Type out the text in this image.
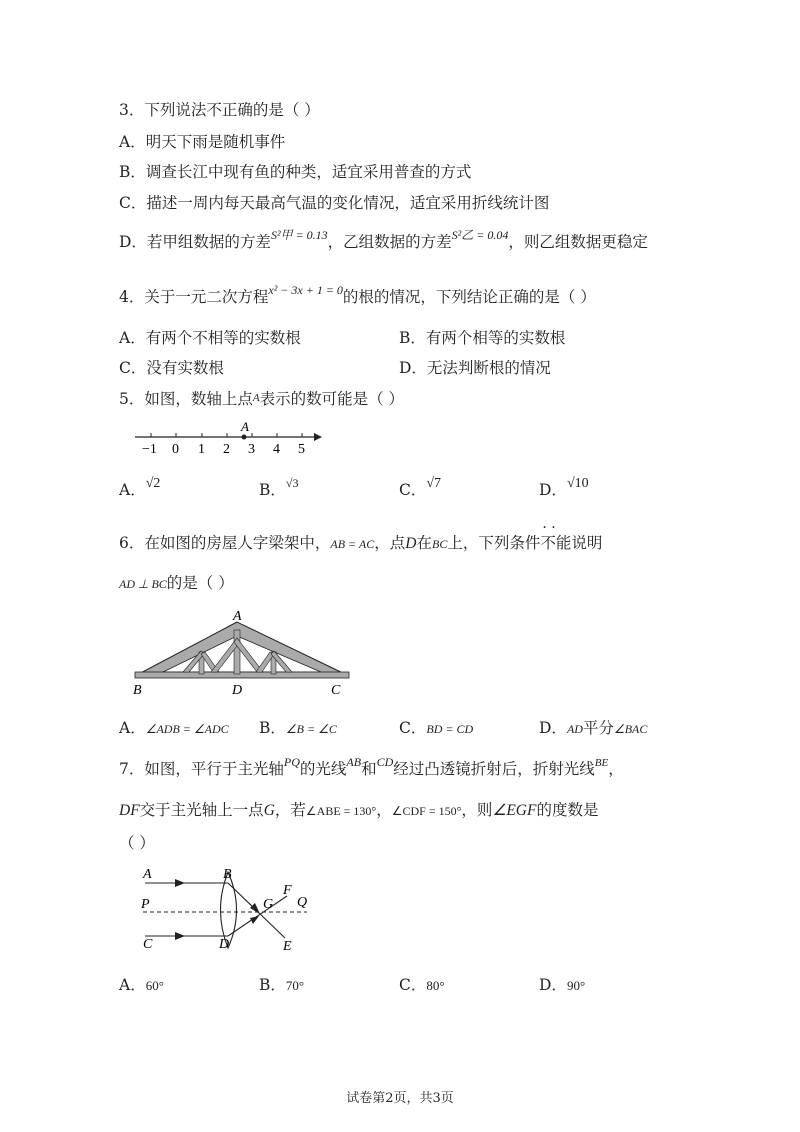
3．下列说法不正确的是（ ）
A．明天下雨是随机事件
B．调查长江中现有鱼的种类，适宜采用普查的方式
C．描述一周内每天最高气温的变化情况，适宜采用折线统计图
D．若甲组数据的方差$^{S^2甲 = 0.13}$，乙组数据的方差$^{S^2乙 = 0.04}$，则乙组数据更稳定
4．关于一元二次方程$^{x^2 - 3x + 1 = 0}$的根的情况，下列结论正确的是（ ）
A．有两个不相等的实数根	B．有两个相等的实数根
C．没有实数根	D．无法判断根的情况
5．如图，数轴上点A表示的数可能是（ ）
A
−1 0 1 2 3 4 5
A．√2	B．$^{√3}$	C．√7	D．√10
6．在如图的房屋人字梁架中，AB = AC，点D在BC上，下列条件· · 不能说明
AD ⊥ BC的是（ ）
A
B	D	C
A．∠ADB = ∠ADC B．∠B = ∠C	C．BD = CD	D．AD平分∠BAC
7．如图，平行于主光轴$^{PQ}$的光线$^{AB}$和$^{CD}$经过凸透镜折射后，折射光线$^{BE}$，
DF交于主光轴上一点G，若∠ABE = 130°，∠CDF = 150°，则∠EGF的度数是
（ ）
A	B
P
C	D
G
F
Q
E
A．60°	B．70°	C．80°	D．90°
试卷第2页，共3页
